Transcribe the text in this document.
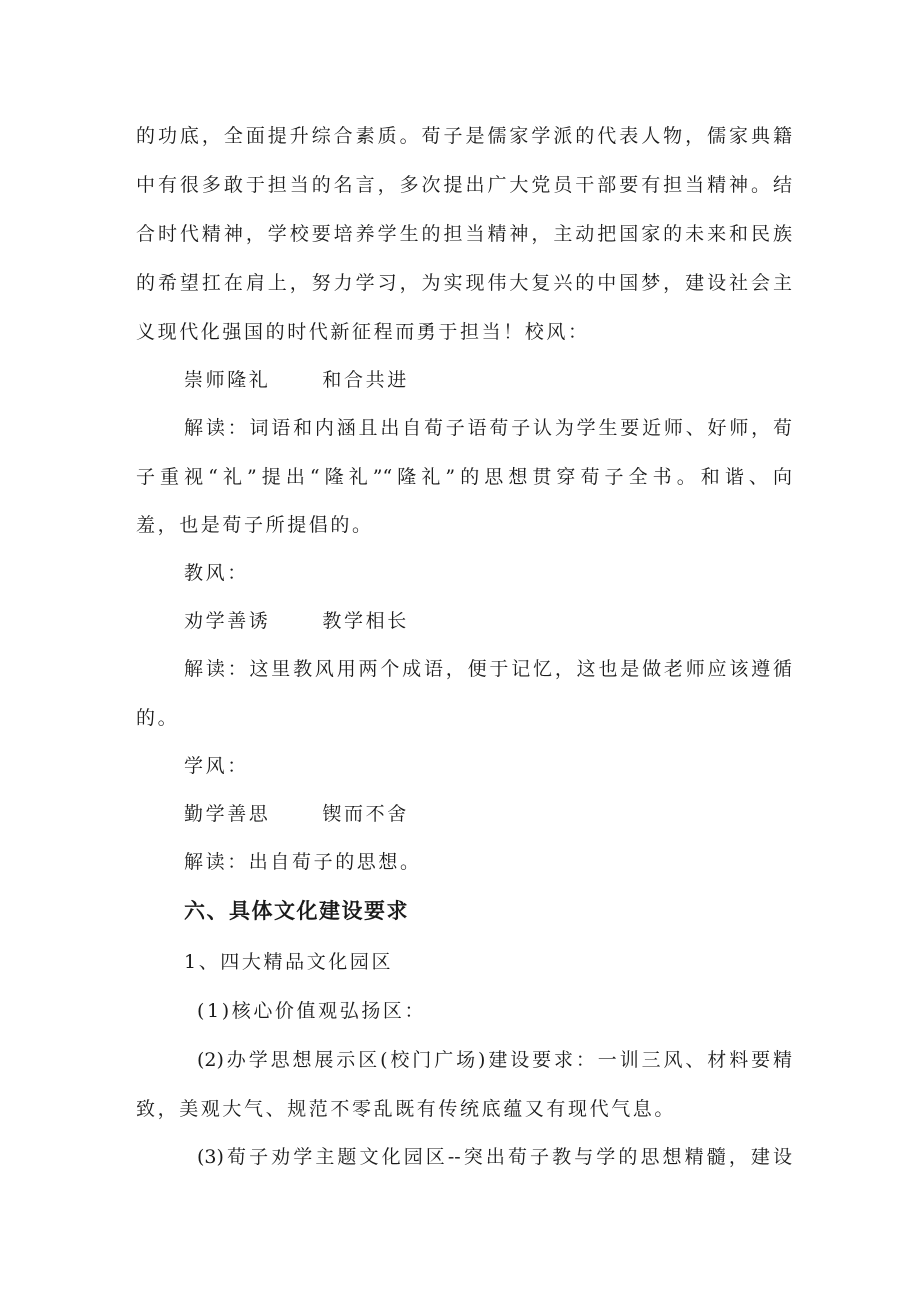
的功底，全面提升综合素质。荀子是儒家学派的代表人物，儒家典籍
中有很多敢于担当的名言，多次提出广大党员干部要有担当精神。结
合时代精神，学校要培养学生的担当精神，主动把国家的未来和民族
的希望扛在肩上，努力学习，为实现伟大复兴的中国梦，建设社会主
义现代化强国的时代新征程而勇于担当！校风：
崇师隆礼	和合共进
解读：词语和内涵且出自荀子语荀子认为学生要近师、好师，荀
子重视“礼”提出“隆礼”“隆礼”的思想贯穿荀子全书。和谐、向
羞，也是荀子所提倡的。
教风：
劝学善诱	教学相长
解读：这里教风用两个成语，便于记忆，这也是做老师应该遵循
的。
学风：
勤学善思	锲而不舍
解读：出自荀子的思想。
六、具体文化建设要求
1、四大精品文化园区
(1)核心价值观弘扬区：
(2)办学思想展示区(校门广场)建设要求：一训三风、材料要精
致，美观大气、规范不零乱既有传统底蕴又有现代气息。
(3)荀子劝学主题文化园区--突出荀子教与学的思想精髓，建设
